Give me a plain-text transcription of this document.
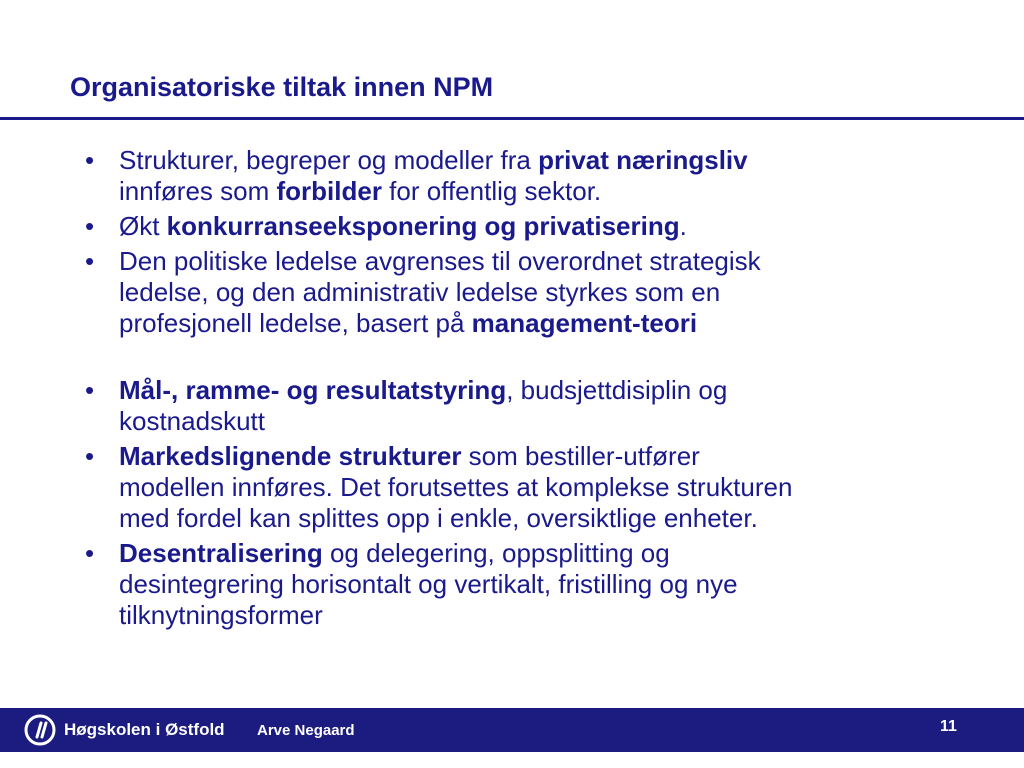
Organisatoriske tiltak innen NPM
• Strukturer, begreper og modeller fra privat næringsliv
innføres som forbilder for offentlig sektor.
• Økt konkurranseeksponering og privatisering.
• Den politiske ledelse avgrenses til overordnet strategisk
ledelse, og den administrativ ledelse styrkes som en
profesjonell ledelse, basert på management-teori
• Mål-, ramme- og resultatstyring, budsjettdisiplin og
kostnadskutt
• Markedslignende strukturer som bestiller-utfører
modellen innføres. Det forutsettes at komplekse strukturen
med fordel kan splittes opp i enkle, oversiktlige enheter.
• Desentralisering og delegering, oppsplitting og
desintegrering horisontalt og vertikalt, fristilling og nye
tilknytningsformer
Høgskolen i Østfold Arve Negaard	11
